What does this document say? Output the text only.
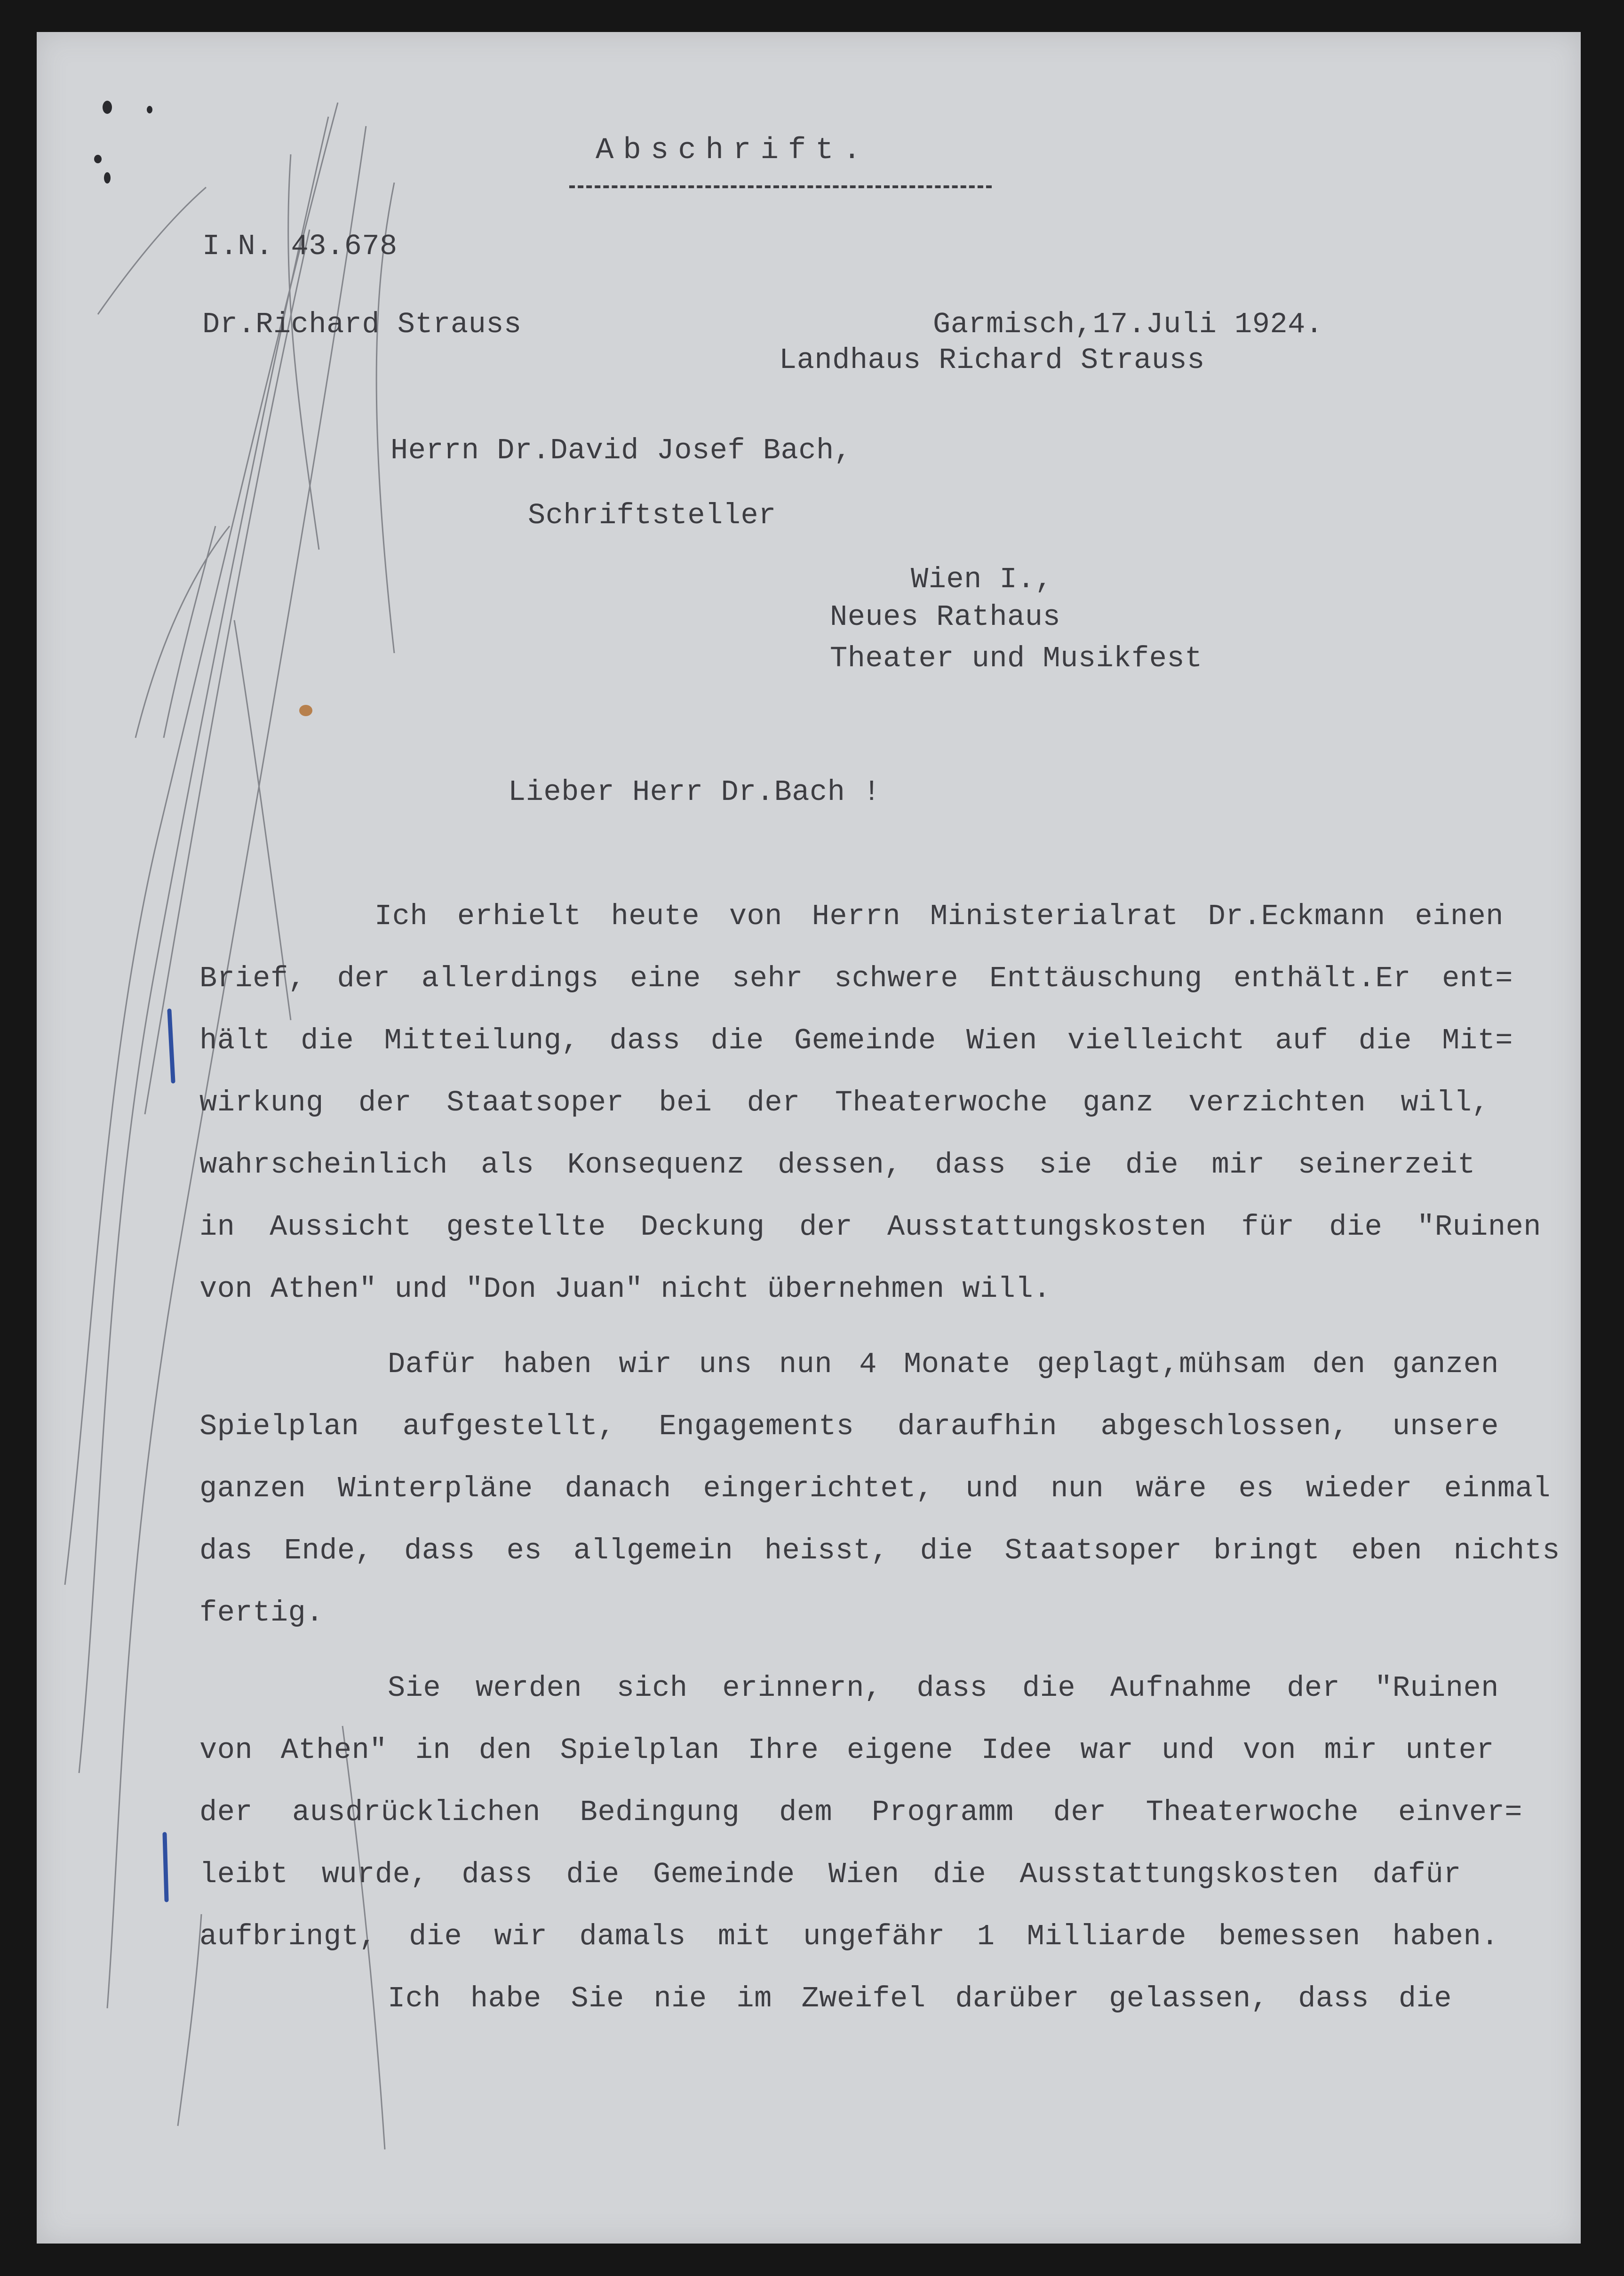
Abschrift.

I.N. 43.678

Dr.Richard Strauss	Garmisch,17.Juli 1924.

Landhaus Richard Strauss

Herrn Dr.David Josef Bach,

Schriftsteller

Wien I.,

Neues Rathaus

Theater und Musikfest

Lieber Herr Dr.Bach !

Ich erhielt heute von Herrn Ministerialrat Dr.Eckmann einen

Brief, der allerdings eine sehr schwere Enttäuschung enthält.Er ent=

hält die Mitteilung, dass die Gemeinde Wien vielleicht auf die Mit=

wirkung der Staatsoper bei der Theaterwoche ganz verzichten will,

wahrscheinlich als Konsequenz dessen, dass sie die mir seinerzeit

in Aussicht gestellte Deckung der Ausstattungskosten für die "Ruinen

von Athen" und "Don Juan" nicht übernehmen will.

Dafür haben wir uns nun 4 Monate geplagt,mühsam den ganzen

Spielplan aufgestellt, Engagements daraufhin abgeschlossen, unsere

ganzen Winterpläne danach eingerichtet, und nun wäre es wieder einmal

das Ende, dass es allgemein heisst, die Staatsoper bringt eben nichts

fertig.

Sie werden sich erinnern, dass die Aufnahme der "Ruinen

von Athen" in den Spielplan Ihre eigene Idee war und von mir unter

der ausdrücklichen Bedingung dem Programm der Theaterwoche einver=

leibt wurde, dass die Gemeinde Wien die Ausstattungskosten dafür

aufbringt, die wir damals mit ungefähr 1 Milliarde bemessen haben.

Ich habe Sie nie im Zweifel darüber gelassen, dass die
